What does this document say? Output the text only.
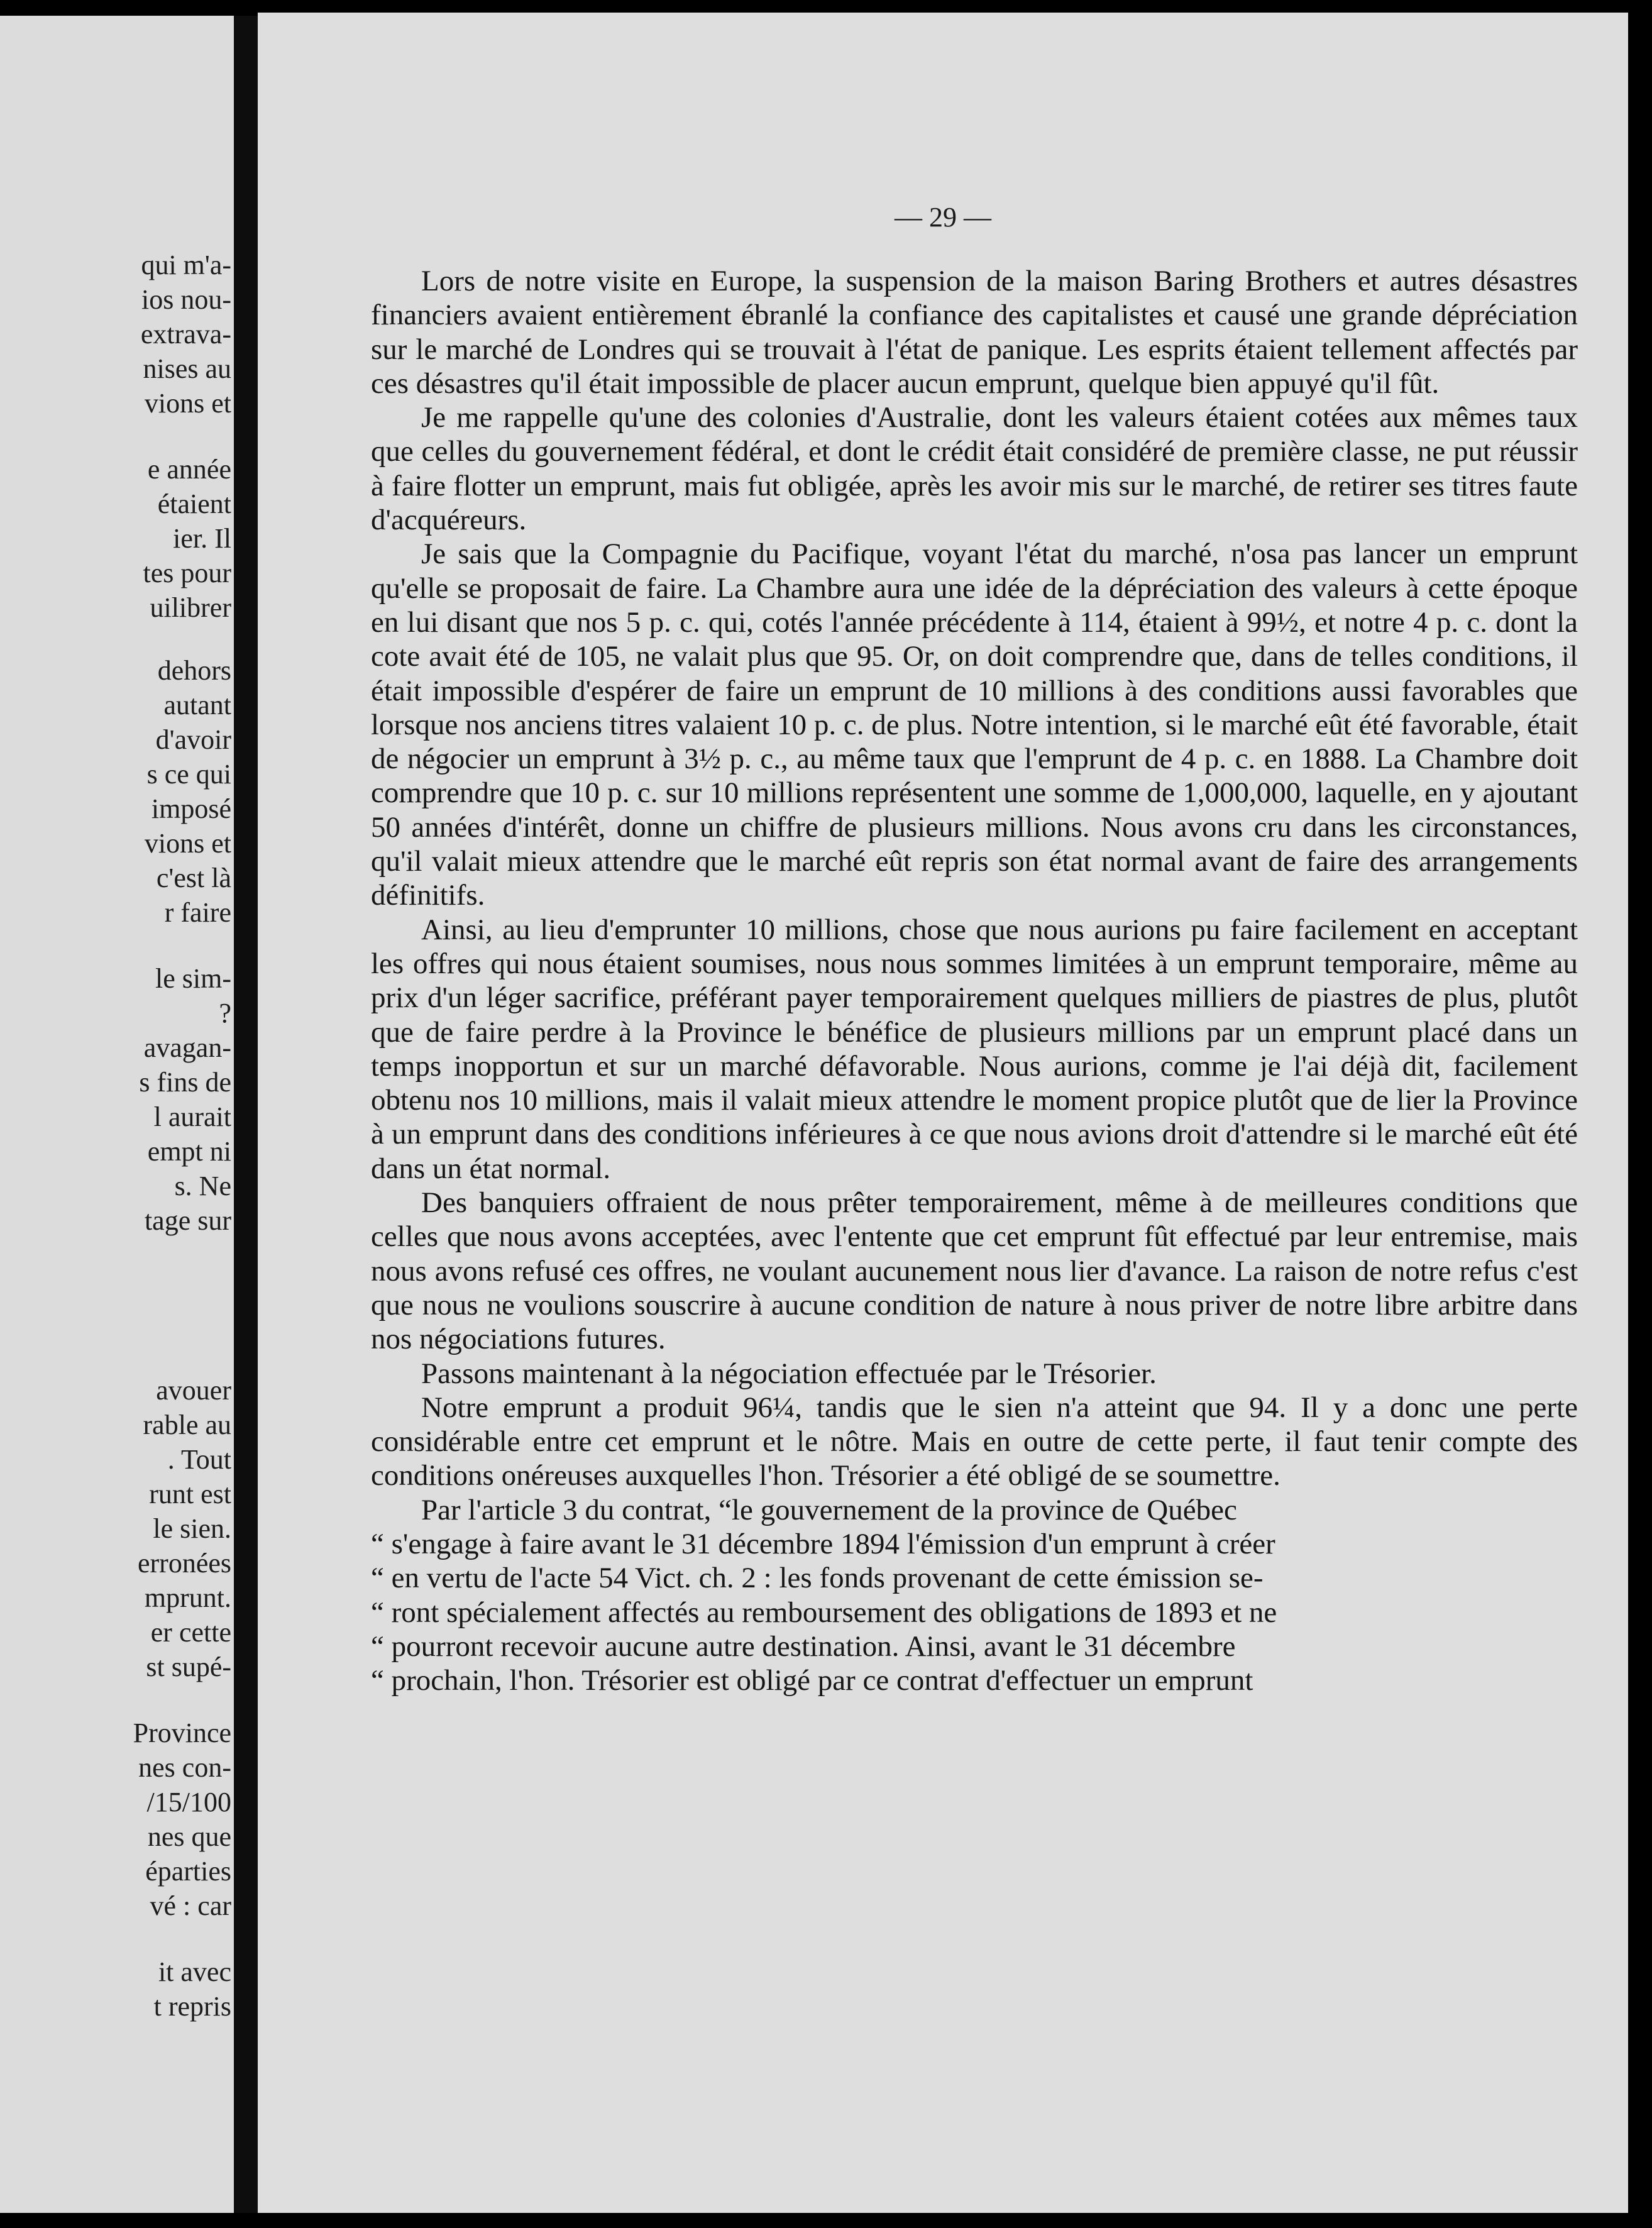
qui m'a-
ios nou-
extrava-
nises au
vions et
e année
étaient
ier. Il
tes pour
uilibrer
dehors
autant
d'avoir
s ce qui
imposé
vions et
c'est là
r faire
le sim-
?
avagan-
s fins de
l aurait
empt ni
s. Ne
tage sur
avouer
rable au
. Tout
runt est
le sien.
erronées
mprunt.
er cette
st supé-
Province
nes con-
/15/100
nes que
éparties
vé : car
it avec
t repris
— 29 —

Lors de notre visite en Europe, la suspension de la maison Baring Brothers et autres désastres financiers avaient entièrement ébranlé la confiance des capitalistes et causé une grande dépréciation sur le marché de Londres qui se trouvait à l'état de panique. Les esprits étaient tellement affectés par ces désastres qu'il était impossible de placer aucun emprunt, quelque bien appuyé qu'il fût.

Je me rappelle qu'une des colonies d'Australie, dont les valeurs étaient cotées aux mêmes taux que celles du gouvernement fédéral, et dont le crédit était considéré de première classe, ne put réussir à faire flotter un emprunt, mais fut obligée, après les avoir mis sur le marché, de retirer ses titres faute d'acquéreurs.

Je sais que la Compagnie du Pacifique, voyant l'état du marché, n'osa pas lancer un emprunt qu'elle se proposait de faire. La Chambre aura une idée de la dépréciation des valeurs à cette époque en lui disant que nos 5 p. c. qui, cotés l'année précédente à 114, étaient à 99½, et notre 4 p. c. dont la cote avait été de 105, ne valait plus que 95. Or, on doit comprendre que, dans de telles conditions, il était impossible d'espérer de faire un emprunt de 10 millions à des conditions aussi favorables que lorsque nos anciens titres valaient 10 p. c. de plus. Notre intention, si le marché eût été favorable, était de négocier un emprunt à 3½ p. c., au même taux que l'emprunt de 4 p. c. en 1888. La Chambre doit comprendre que 10 p. c. sur 10 millions représentent une somme de 1,000,000, laquelle, en y ajoutant 50 années d'intérêt, donne un chiffre de plusieurs millions. Nous avons cru dans les circonstances, qu'il valait mieux attendre que le marché eût repris son état normal avant de faire des arrangements définitifs.

Ainsi, au lieu d'emprunter 10 millions, chose que nous aurions pu faire facilement en acceptant les offres qui nous étaient soumises, nous nous sommes limitées à un emprunt temporaire, même au prix d'un léger sacrifice, préférant payer temporairement quelques milliers de piastres de plus, plutôt que de faire perdre à la Province le bénéfice de plusieurs millions par un emprunt placé dans un temps inopportun et sur un marché défavorable. Nous aurions, comme je l'ai déjà dit, facilement obtenu nos 10 millions, mais il valait mieux attendre le moment propice plutôt que de lier la Province à un emprunt dans des conditions inférieures à ce que nous avions droit d'attendre si le marché eût été dans un état normal.

Des banquiers offraient de nous prêter temporairement, même à de meilleures conditions que celles que nous avons acceptées, avec l'entente que cet emprunt fût effectué par leur entremise, mais nous avons refusé ces offres, ne voulant aucunement nous lier d'avance. La raison de notre refus c'est que nous ne voulions souscrire à aucune condition de nature à nous priver de notre libre arbitre dans nos négociations futures.

Passons maintenant à la négociation effectuée par le Trésorier.

Notre emprunt a produit 96¼, tandis que le sien n'a atteint que 94. Il y a donc une perte considérable entre cet emprunt et le nôtre. Mais en outre de cette perte, il faut tenir compte des conditions onéreuses auxquelles l'hon. Trésorier a été obligé de se soumettre.

Par l'article 3 du contrat, “le gouvernement de la province de Québec

“ s'engage à faire avant le 31 décembre 1894 l'émission d'un emprunt à créer

“ en vertu de l'acte 54 Vict. ch. 2 : les fonds provenant de cette émission se-

“ ront spécialement affectés au remboursement des obligations de 1893 et ne

“ pourront recevoir aucune autre destination. Ainsi, avant le 31 décembre

“ prochain, l'hon. Trésorier est obligé par ce contrat d'effectuer un emprunt
